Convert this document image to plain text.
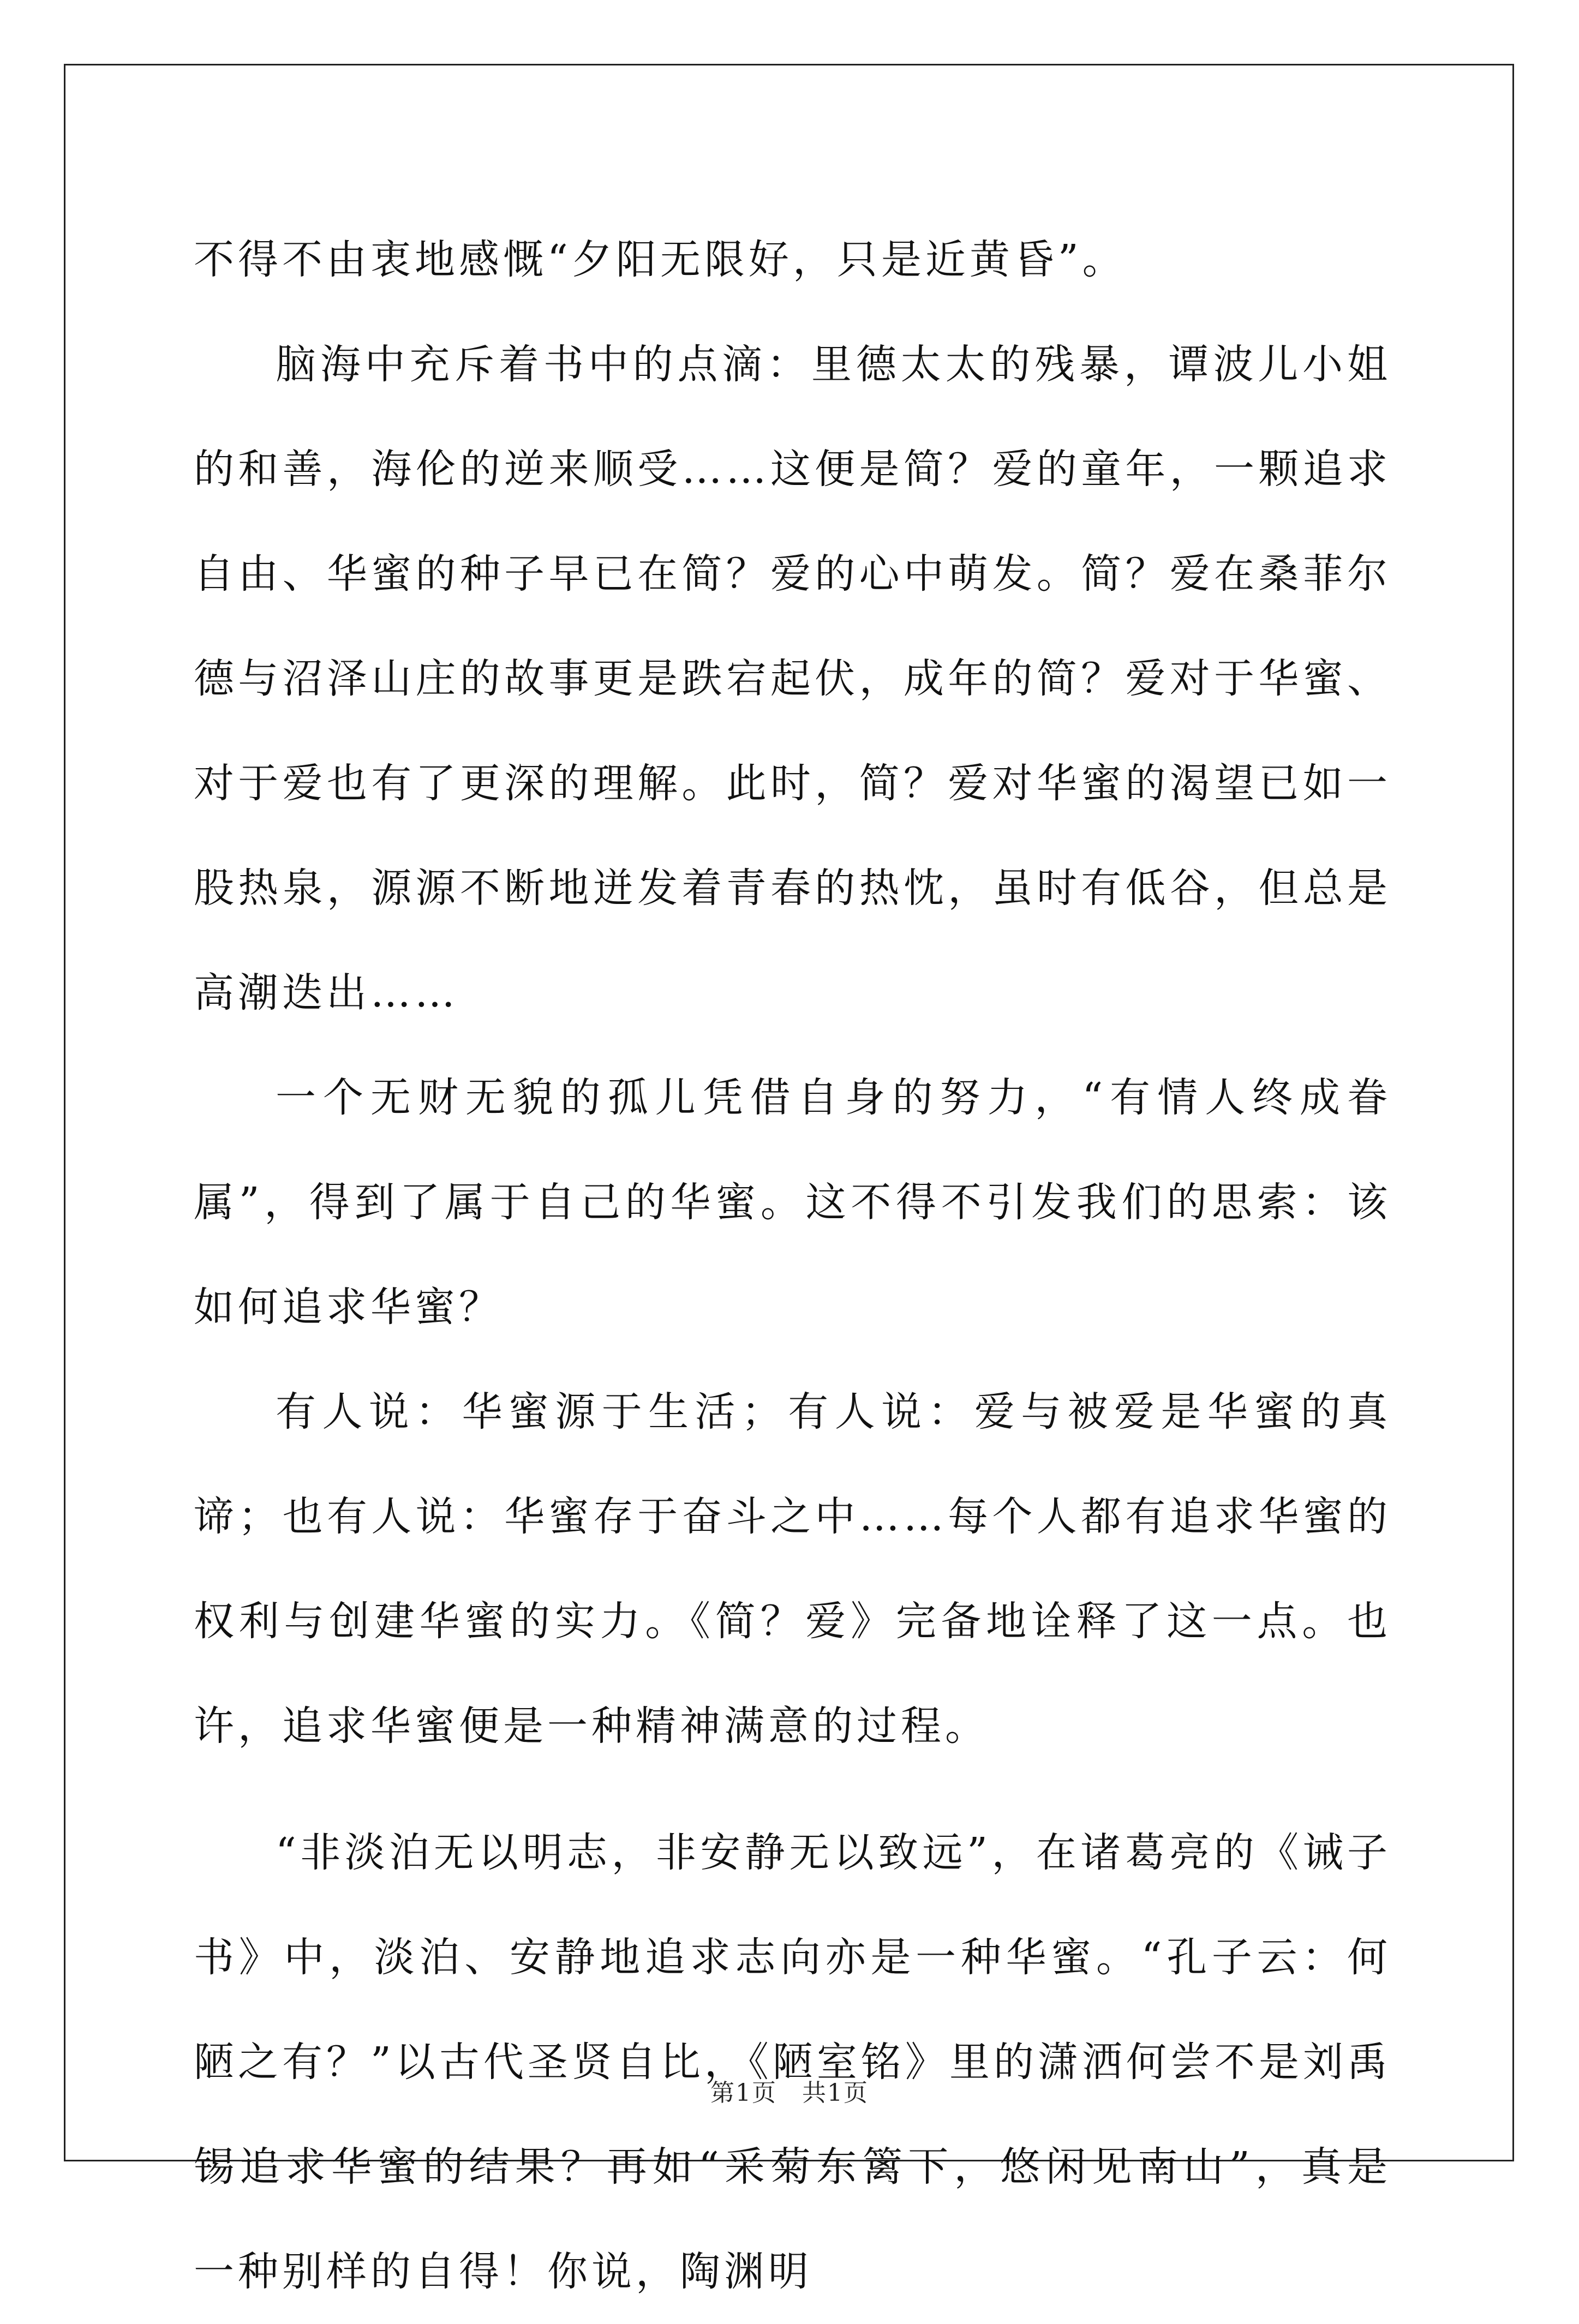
不得不由衷地感慨“夕阳无限好，只是近黄昏”。

脑海中充斥着书中的点滴：里德太太的残暴，谭波儿小姐的和善，海伦的逆来顺受……这便是简？爱的童年，一颗追求自由、华蜜的种子早已在简？爱的心中萌发。简？爱在桑菲尔德与沼泽山庄的故事更是跌宕起伏，成年的简？爱对于华蜜、对于爱也有了更深的理解。此时，简？爱对华蜜的渴望已如一股热泉，源源不断地迸发着青春的热忱，虽时有低谷，但总是高潮迭出……

一个无财无貌的孤儿凭借自身的努力，“有情人终成眷属”，得到了属于自己的华蜜。这不得不引发我们的思索：该如何追求华蜜？

有人说：华蜜源于生活；有人说：爱与被爱是华蜜的真谛；也有人说：华蜜存于奋斗之中……每个人都有追求华蜜的权利与创建华蜜的实力。《简？爱》完备地诠释了这一点。也许，追求华蜜便是一种精神满意的过程。

“非淡泊无以明志，非安静无以致远”，在诸葛亮的《诫子书》中，淡泊、安静地追求志向亦是一种华蜜。“孔子云：何陋之有？”以古代圣贤自比，《陋室铭》里的潇洒何尝不是刘禹锡追求华蜜的结果？再如“采菊东篱下，悠闲见南山”，真是一种别样的自得！你说，陶渊明

第1页　共1页
